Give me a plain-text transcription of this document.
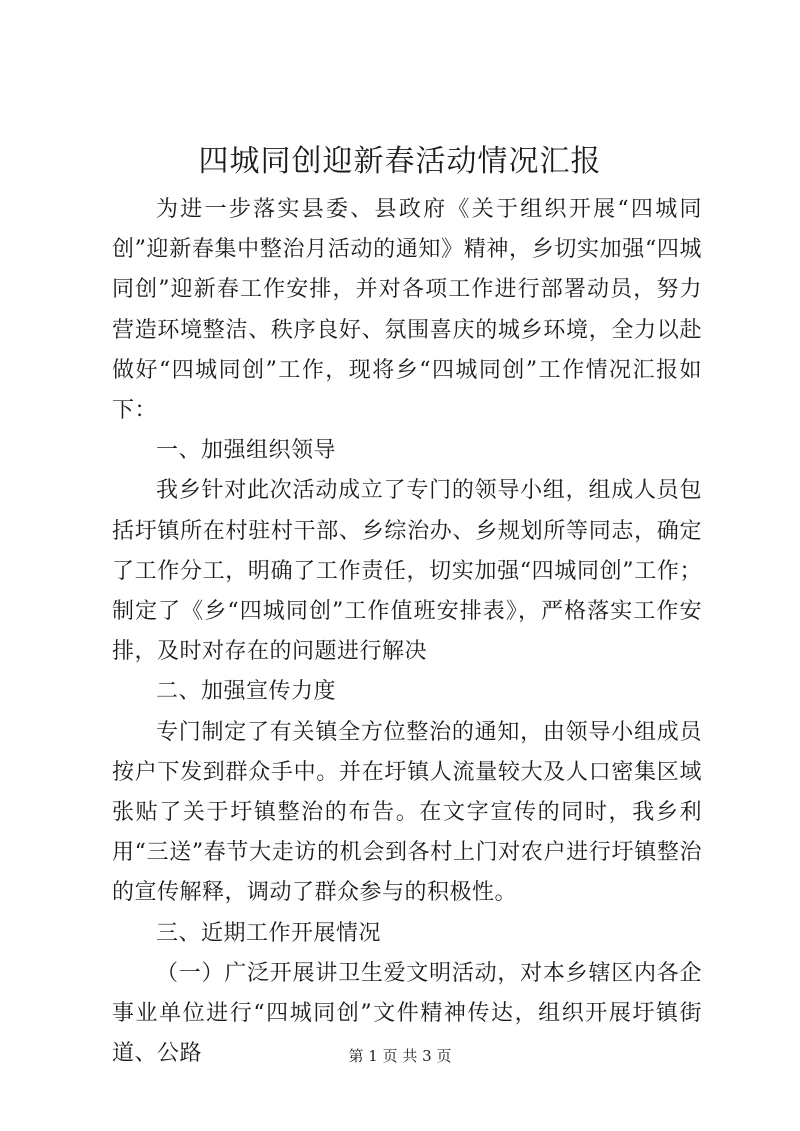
四城同创迎新春活动情况汇报

为进一步落实县委、县政府《关于组织开展“四城同创”迎新春集中整治月活动的通知》精神，乡切实加强“四城同创”迎新春工作安排，并对各项工作进行部署动员，努力营造环境整洁、秩序良好、氛围喜庆的城乡环境，全力以赴做好“四城同创”工作，现将乡“四城同创”工作情况汇报如下：

一、加强组织领导

我乡针对此次活动成立了专门的领导小组，组成人员包括圩镇所在村驻村干部、乡综治办、乡规划所等同志，确定了工作分工，明确了工作责任，切实加强“四城同创”工作；制定了《乡“四城同创”工作值班安排表》，严格落实工作安排，及时对存在的问题进行解决

二、加强宣传力度

专门制定了有关镇全方位整治的通知，由领导小组成员按户下发到群众手中。并在圩镇人流量较大及人口密集区域张贴了关于圩镇整治的布告。在文字宣传的同时，我乡利用“三送”春节大走访的机会到各村上门对农户进行圩镇整治的宣传解释，调动了群众参与的积极性。

三、近期工作开展情况

（一）广泛开展讲卫生爱文明活动，对本乡辖区内各企事业单位进行“四城同创”文件精神传达，组织开展圩镇街道、公路	第 1 页 共 3 页
